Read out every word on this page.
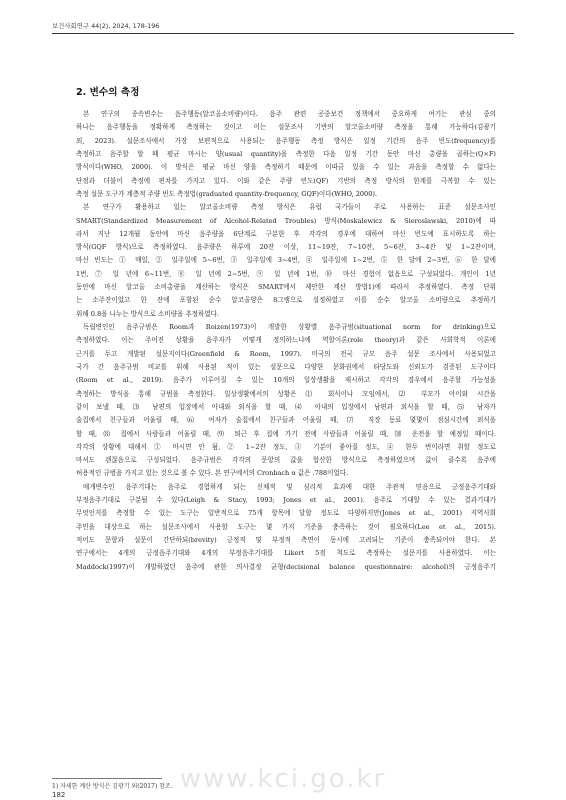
보건사회연구 44(2), 2024, 178-196
2. 변수의 측정
본 연구의 종속변수는 음주행동(알코올소비량)이다. 음주 관련 공중보건 정책에서 중요하게 여기는 관심 중의
하나는 음주행동을 정확하게 측정하는 것이고 이는 설문조사 기반의 알코올소비량 측정을 통해 가능하다(김광기
외, 2023). 설문조사에서 가장 보편적으로 사용되는 음주행동 측정 방식은 일정 기간의 음주 빈도(frequency)를
측정하고 음주할 할 때 평균 마시는 양(usual quantity)을 측정한 다음 일정 기간 동안 마신 총량을 곱하는(Q×F)
방식이다(WHO, 2000). 이 방식은 평균 마신 양을 측정하기 때문에 이따금 있을 수 있는 과음을 측정할 수 없다는
단점과 더불어 측정에 편차를 가지고 있다. 이와 같은 주량 빈도(QF) 기반의 측정 방식의 한계를 극복할 수 있는
측정 설문 도구가 계층적 주량 빈도 측정법(graduated quantity-frequency, GQF)이다(WHO, 2000).
본 연구가 활용하고 있는 알코올소비량 측정 방식은 유럽 국가들이 주로 사용하는 표준 설문조사인
SMART(Standardized Measurement of Alcohol-Related Troubles) 방식(Moskalewicz & Sieroslawski, 2010)에 따
라서 지난 12개월 동안에 마신 음주량을 6단계로 구분한 후 각각의 경우에 대하여 마신 빈도에 표시하도록 하는
방식(GQF 방식)으로 측정하였다. 음주량은 하루에 20잔 이상, 11~19잔, 7~10잔, 5~6잔, 3~4잔 및 1~2잔이며,
마신 빈도는 ① 매일, ② 일주일에 5~6번, ③ 일주일에 3~4번, ④ 일주일에 1~2번, ⑤ 한 달에 2~3번, ⑥ 한 달에
1번, ⑦ 일 년에 6~11번, ⑧ 일 년에 2~5번, ⑨ 일 년에 1번, ⑩ 마신 경험이 없음으로 구성되었다. 개인이 1년
동안에 마신 알코올 소비총량을 계산하는 방식은 SMART에서 제안한 계산 방법1)에 따라서 추정하였다. 측정 단위
는 소주잔이었고 한 잔에 포함된 순수 알코올양은 8그램으로 설정하였고 이를 순수 알코올 소비량으로 추정하기
위해 0.8을 나누는 방식으로 소비량을 추정하였다.
독립변인인 음주규범은 Room과 Roizen(1973)이 개발한 상황별 음주규범(situational norm for drinking)으로
측정하였다. 이는 주어진 상황을 음주자가 어떻게 정의하느냐에 역할이론(role theory)과 같은 사회학적 이론에
근거를 두고 개발된 설문지이다(Greenfield & Room, 1997). 미국의 전국 규모 음주 설문 조사에서 사용되었고
국가 간 음주규범 비교를 위해 사용된 적이 있는 설문으로 다양한 문화권에서 타당도와 신뢰도가 검증된 도구이다
(Room et al., 2019). 음주가 이루어질 수 있는 10개의 일상생활을 제시하고 각각의 경우에서 음주할 가능성을
측정하는 방식을 통해 규범을 측정한다. 일상생활에서의 상황은 ⑴ 회식이나 모임에서, ⑵ 부모가 아이와 시간을
같이 보낼 때, ⑶ 남편의 입장에서 아내와 외식을 할 때, ⑷ 아내의 입장에서 남편과 외식을 할 때, ⑸ 남자가
술집에서 친구들과 어울릴 때, ⑹ 여자가 술집에서 친구들과 어울릴 때, ⑺ 직장 동료 몇몇이 점심시간에 외식을
할 때, ⑻ 집에서 사람들과 어울릴 때, ⑼ 퇴근 후 집에 가기 전에 사람들과 어울릴 때, ⑽ 운전을 할 예정일 때이다.
각각의 상황에 대해서 ① 마시면 안 됨, ② 1~2잔 정도, ③ 기분이 좋아질 정도, ④ 한두 번이라면 취할 정도로
마셔도 괜찮음으로 구성되었다. 음주규범은 각각의 문항의 값을 합산한 방식으로 측정하였으며 값이 클수록 음주에
허용적인 규범을 가지고 있는 것으로 볼 수 있다. 본 연구에서의 Cronbach α 값은 .788이었다.
매개변수인 음주기대는 음주로 경험하게 되는 신체적 및 심리적 효과에 대한 주관적 믿음으로 긍정음주기대와
부정음주기대로 구분될 수 있다(Leigh & Stacy, 1993; Jones et al., 2001). 음주로 기대할 수 있는 결과기대가
무엇인지를 측정할 수 있는 도구는 일반적으로 75개 항목에 달할 정도로 다양하지만(Jones et al., 2001) 지역사회
주민을 대상으로 하는 설문조사에서 사용할 도구는 몇 가지 기준을 충족하는 것이 필요하다(Lee et al., 2015).
적어도 문항과 설문이 간단하되(brevity) 긍정적 및 부정적 측면이 동시에 고려되는 기준이 충족되어야 한다. 본
연구에서는 4개의 긍정음주기대와 4개의 부정음주기대를 Likert 5점 척도로 측정하는 설문지를 사용하였다. 이는
Maddock(1997)이 개발하였던 음주에 관한 의사결정 균형(decisional balance questionnaire: alcohol)의 긍정음주기
www.kci.go.kr
1) 자세한 계산 방식은 김광기 외(2017) 참조.
182
